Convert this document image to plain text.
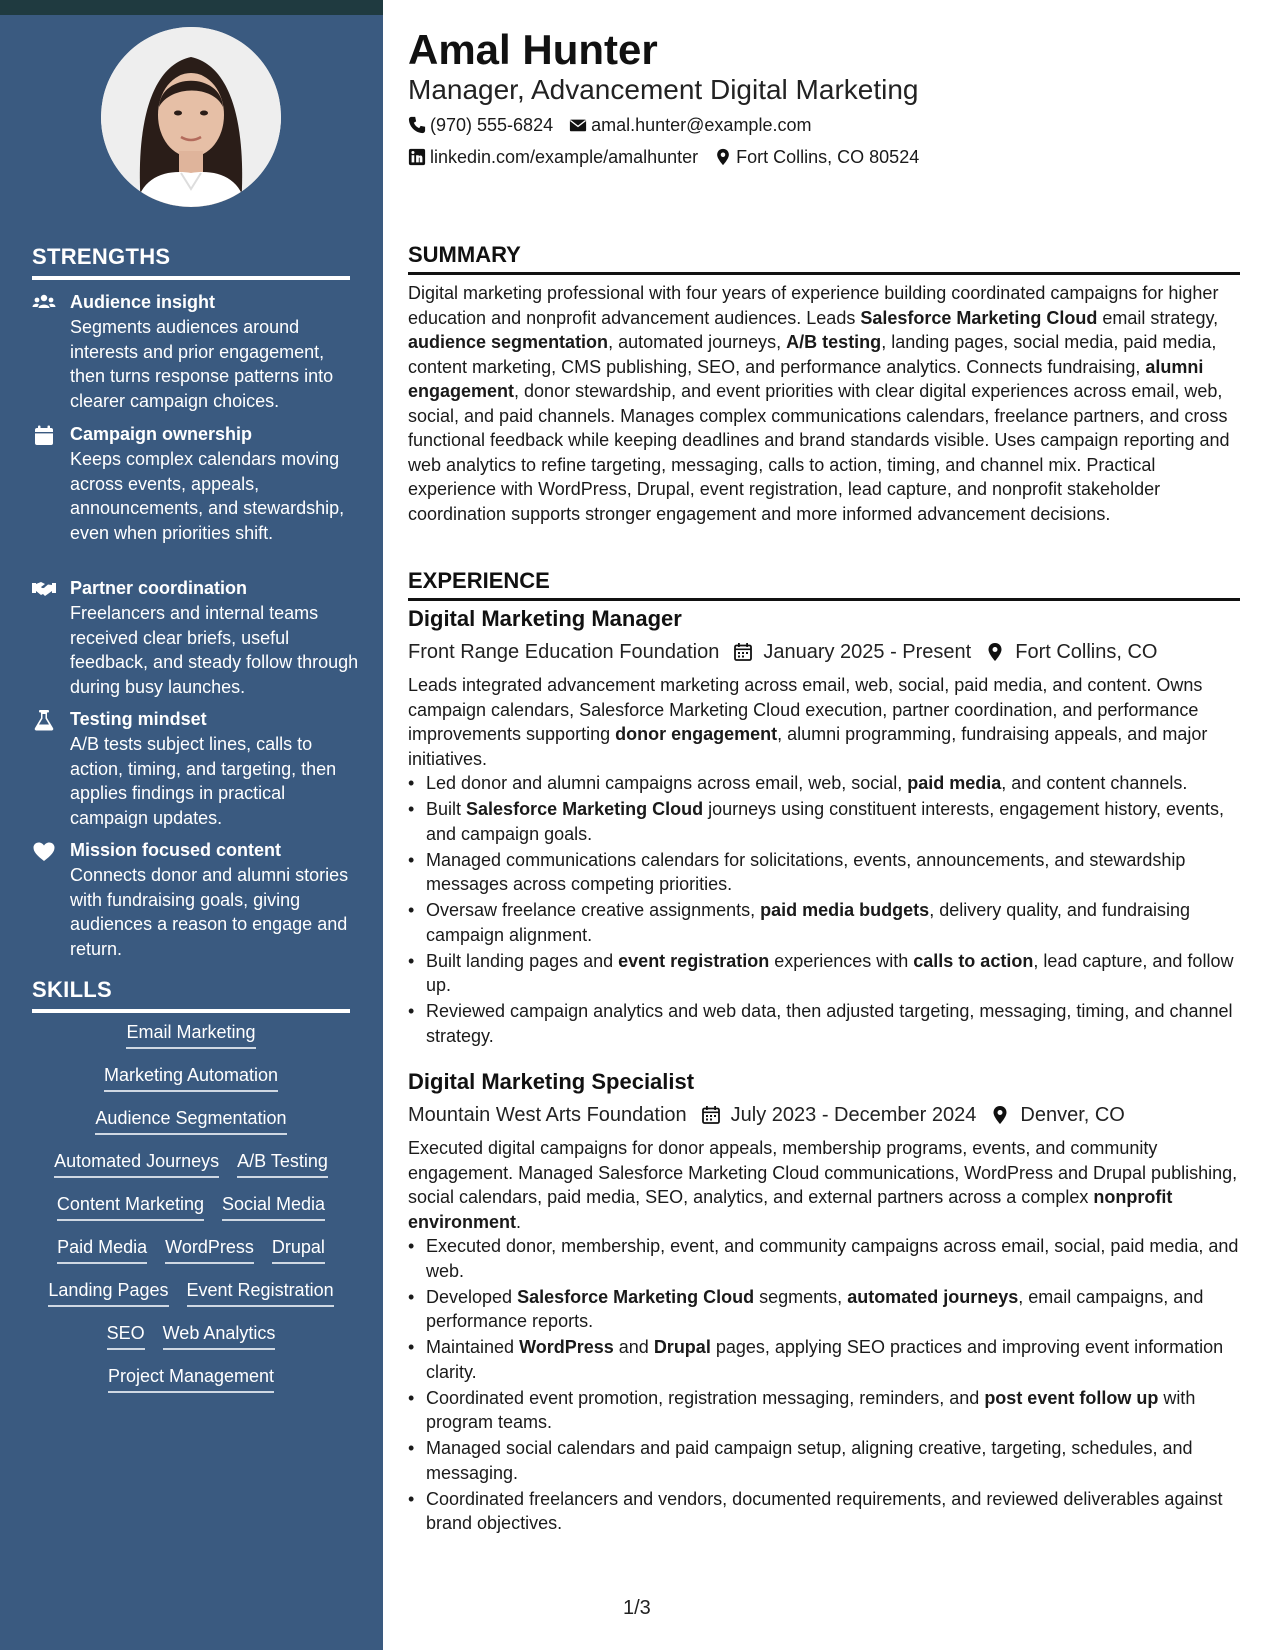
STRENGTHS
Audience insight
Segments audiences around interests and prior engagement, then turns response patterns into clearer campaign choices.
Campaign ownership
Keeps complex calendars moving across events, appeals, announcements, and stewardship, even when priorities shift.
Partner coordination
Freelancers and internal teams received clear briefs, useful feedback, and steady follow through during busy launches.
Testing mindset
A/B tests subject lines, calls to action, timing, and targeting, then applies findings in practical campaign updates.
Mission focused content
Connects donor and alumni stories with fundraising goals, giving audiences a reason to engage and return.
SKILLS
Email Marketing
Marketing Automation
Audience Segmentation
Automated Journeys A/B Testing
Content Marketing Social Media
Paid Media WordPress Drupal
Landing Pages Event Registration
SEO Web Analytics
Project Management
Amal Hunter
Manager, Advancement Digital Marketing
(970) 555-6824 amal.hunter@example.com
linkedin.com/example/amalhunter Fort Collins, CO 80524
SUMMARY
Digital marketing professional with four years of experience building coordinated campaigns for higher education and nonprofit advancement audiences. Leads Salesforce Marketing Cloud email strategy, audience segmentation, automated journeys, A/B testing, landing pages, social media, paid media, content marketing, CMS publishing, SEO, and performance analytics. Connects fundraising, alumni engagement, donor stewardship, and event priorities with clear digital experiences across email, web, social, and paid channels. Manages complex communications calendars, freelance partners, and cross functional feedback while keeping deadlines and brand standards visible. Uses campaign reporting and web analytics to refine targeting, messaging, calls to action, timing, and channel mix. Practical experience with WordPress, Drupal, event registration, lead capture, and nonprofit stakeholder coordination supports stronger engagement and more informed advancement decisions.
EXPERIENCE
Digital Marketing Manager
Front Range Education Foundation January 2025 - Present Fort Collins, CO
Leads integrated advancement marketing across email, web, social, paid media, and content. Owns campaign calendars, Salesforce Marketing Cloud execution, partner coordination, and performance improvements supporting donor engagement, alumni programming, fundraising appeals, and major initiatives.
• Led donor and alumni campaigns across email, web, social, paid media, and content channels.
• Built Salesforce Marketing Cloud journeys using constituent interests, engagement history, events, and campaign goals.
• Managed communications calendars for solicitations, events, announcements, and stewardship messages across competing priorities.
• Oversaw freelance creative assignments, paid media budgets, delivery quality, and fundraising campaign alignment.
• Built landing pages and event registration experiences with calls to action, lead capture, and follow up.
• Reviewed campaign analytics and web data, then adjusted targeting, messaging, timing, and channel strategy.
Digital Marketing Specialist
Mountain West Arts Foundation July 2023 - December 2024 Denver, CO
Executed digital campaigns for donor appeals, membership programs, events, and community engagement. Managed Salesforce Marketing Cloud communications, WordPress and Drupal publishing, social calendars, paid media, SEO, analytics, and external partners across a complex nonprofit environment.
• Executed donor, membership, event, and community campaigns across email, social, paid media, and web.
• Developed Salesforce Marketing Cloud segments, automated journeys, email campaigns, and performance reports.
• Maintained WordPress and Drupal pages, applying SEO practices and improving event information clarity.
• Coordinated event promotion, registration messaging, reminders, and post event follow up with program teams.
• Managed social calendars and paid campaign setup, aligning creative, targeting, schedules, and messaging.
• Coordinated freelancers and vendors, documented requirements, and reviewed deliverables against brand objectives.
1/3
